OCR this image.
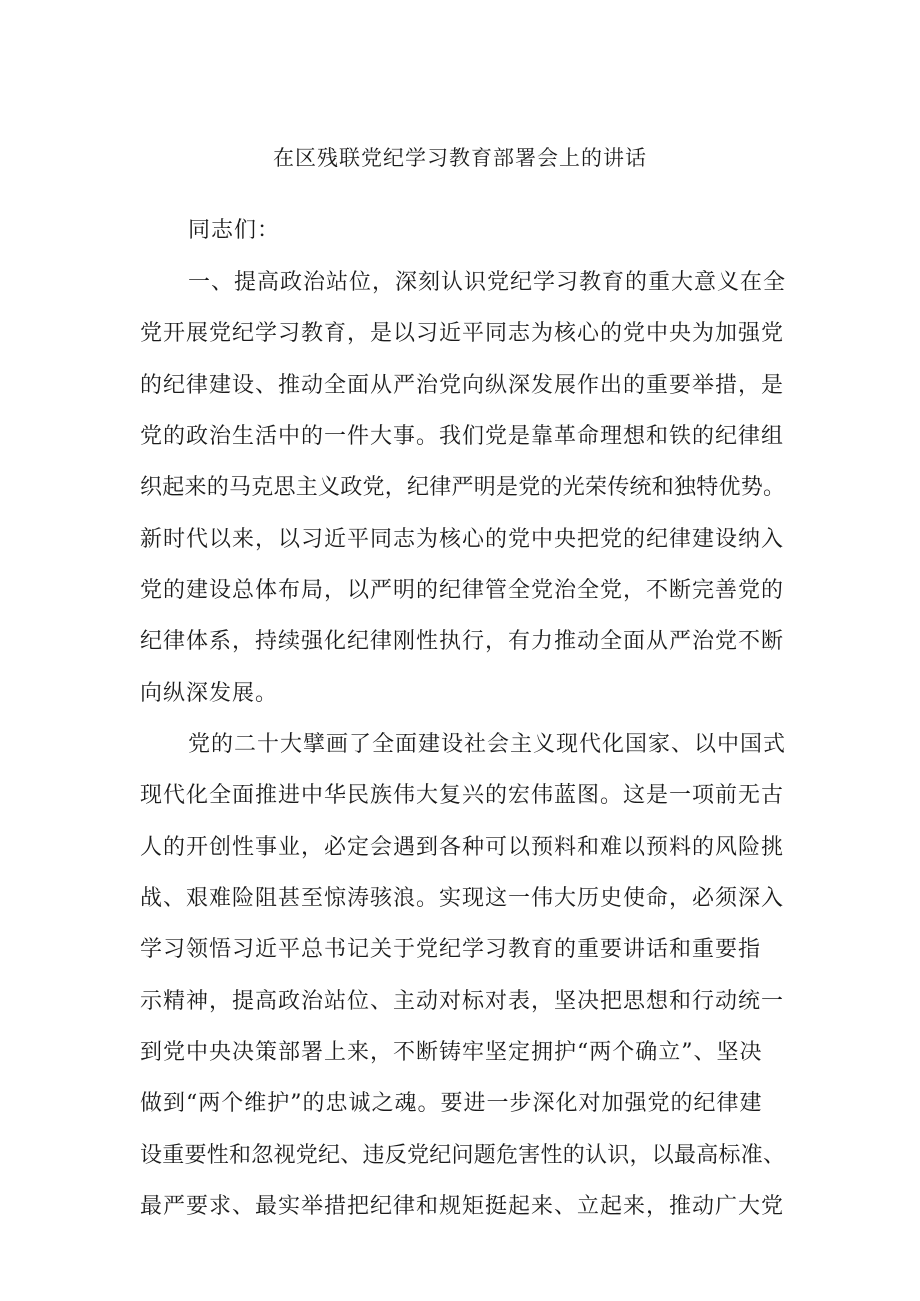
在区残联党纪学习教育部署会上的讲话
同志们：
一、提高政治站位，深刻认识党纪学习教育的重大意义在全
党开展党纪学习教育，是以习近平同志为核心的党中央为加强党
的纪律建设、推动全面从严治党向纵深发展作出的重要举措，是
党的政治生活中的一件大事。我们党是靠革命理想和铁的纪律组
织起来的马克思主义政党，纪律严明是党的光荣传统和独特优势。
新时代以来，以习近平同志为核心的党中央把党的纪律建设纳入
党的建设总体布局，以严明的纪律管全党治全党，不断完善党的
纪律体系，持续强化纪律刚性执行，有力推动全面从严治党不断
向纵深发展。
党的二十大擘画了全面建设社会主义现代化国家、以中国式
现代化全面推进中华民族伟大复兴的宏伟蓝图。这是一项前无古
人的开创性事业，必定会遇到各种可以预料和难以预料的风险挑
战、艰难险阻甚至惊涛骇浪。实现这一伟大历史使命，必须深入
学习领悟习近平总书记关于党纪学习教育的重要讲话和重要指
示精神，提高政治站位、主动对标对表，坚决把思想和行动统一
到党中央决策部署上来，不断铸牢坚定拥护“两个确立”、坚决
做到“两个维护”的忠诚之魂。要进一步深化对加强党的纪律建
设重要性和忽视党纪、违反党纪问题危害性的认识，以最高标准、
最严要求、最实举措把纪律和规矩挺起来、立起来，推动广大党
